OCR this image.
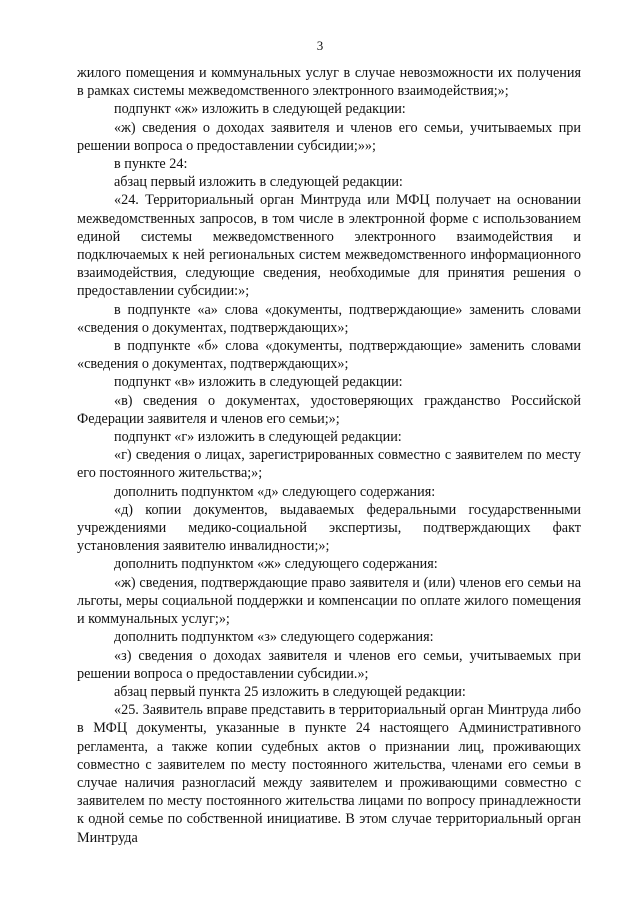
3

жилого помещения и коммунальных услуг в случае невозможности их получения в рамках системы межведомственного электронного взаимодействия;»;

подпункт «ж» изложить в следующей редакции:

«ж) сведения о доходах заявителя и членов его семьи, учитываемых при решении вопроса о предоставлении субсидии;»»;

в пункте 24:

абзац первый изложить в следующей редакции:

«24. Территориальный орган Минтруда или МФЦ получает на основании межведомственных запросов, в том числе в электронной форме с использованием единой системы межведомственного электронного взаимодействия и подключаемых к ней региональных систем межведомственного информационного взаимодействия, следующие сведения, необходимые для принятия решения о предоставлении субсидии:»;

в подпункте «а» слова «документы, подтверждающие» заменить словами «сведения о документах, подтверждающих»;

в подпункте «б» слова «документы, подтверждающие» заменить словами «сведения о документах, подтверждающих»;

подпункт «в» изложить в следующей редакции:

«в) сведения о документах, удостоверяющих гражданство Российской Федерации заявителя и членов его семьи;»;

подпункт «г» изложить в следующей редакции:

«г) сведения о лицах, зарегистрированных совместно с заявителем по месту его постоянного жительства;»;

дополнить подпунктом «д» следующего содержания:

«д) копии документов, выдаваемых федеральными государственными учреждениями медико-социальной экспертизы, подтверждающих факт установления заявителю инвалидности;»;

дополнить подпунктом «ж» следующего содержания:

«ж) сведения, подтверждающие право заявителя и (или) членов его семьи на льготы, меры социальной поддержки и компенсации по оплате жилого помещения и коммунальных услуг;»;

дополнить подпунктом «з» следующего содержания:

«з) сведения о доходах заявителя и членов его семьи, учитываемых при решении вопроса о предоставлении субсидии.»;

абзац первый пункта 25 изложить в следующей редакции:

«25. Заявитель вправе представить в территориальный орган Минтруда либо в МФЦ документы, указанные в пункте 24 настоящего Административного регламента, а также копии судебных актов о признании лиц, проживающих совместно с заявителем по месту постоянного жительства, членами его семьи в случае наличия разногласий между заявителем и проживающими совместно с заявителем по месту постоянного жительства лицами по вопросу принадлежности к одной семье по собственной инициативе. В этом случае территориальный орган Минтруда
